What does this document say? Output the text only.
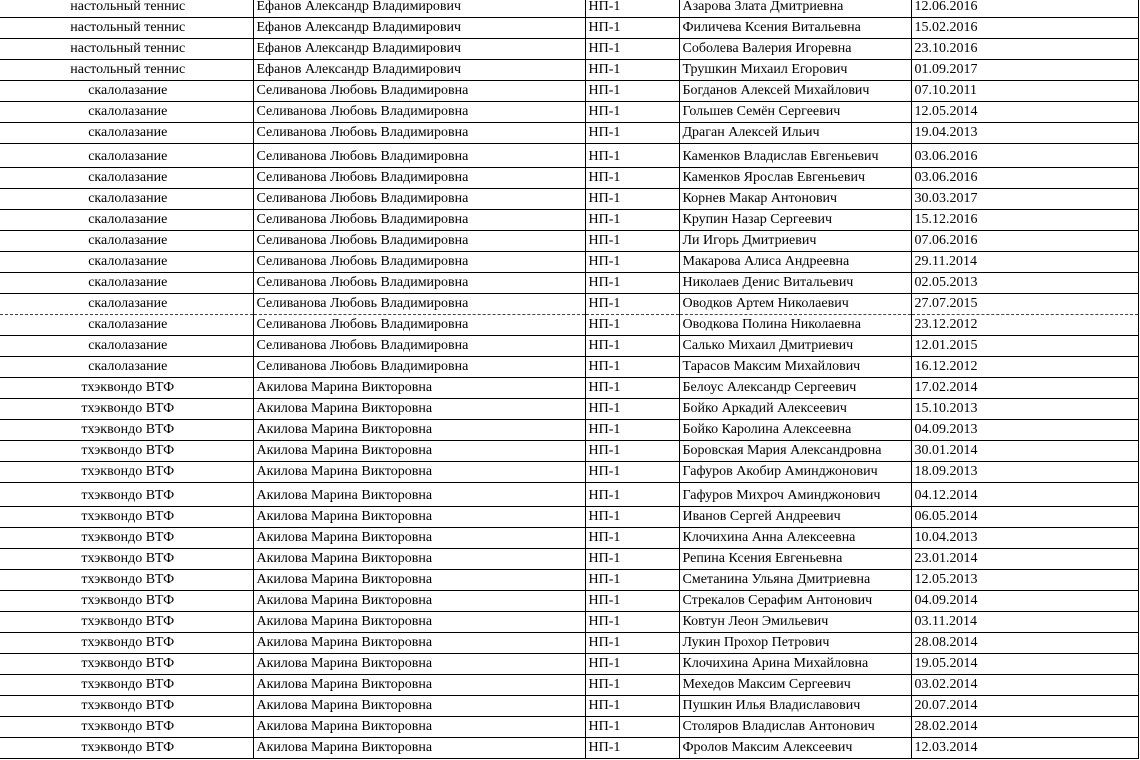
настольный теннис	Ефанов Александр Владимирович	НП-1	Азарова Злата Дмитриевна	12.06.2016
настольный теннис	Ефанов Александр Владимирович	НП-1	Филичева Ксения Витальевна	15.02.2016
настольный теннис	Ефанов Александр Владимирович	НП-1	Соболева Валерия Игоревна	23.10.2016
настольный теннис	Ефанов Александр Владимирович	НП-1	Трушкин Михаил Егорович	01.09.2017
скалолазание	Селиванова Любовь Владимировна	НП-1	Богданов Алексей Михайлович	07.10.2011
скалолазание	Селиванова Любовь Владимировна	НП-1	Гольшев Семён Сергеевич	12.05.2014
скалолазание	Селиванова Любовь Владимировна	НП-1	Драган Алексей Ильич	19.04.2013
скалолазание	Селиванова Любовь Владимировна	НП-1	Каменков Владислав Евгеньевич	03.06.2016
скалолазание	Селиванова Любовь Владимировна	НП-1	Каменков Ярослав Евгеньевич	03.06.2016
скалолазание	Селиванова Любовь Владимировна	НП-1	Корнев Макар Антонович	30.03.2017
скалолазание	Селиванова Любовь Владимировна	НП-1	Крупин Назар Сергеевич	15.12.2016
скалолазание	Селиванова Любовь Владимировна	НП-1	Ли Игорь Дмитриевич	07.06.2016
скалолазание	Селиванова Любовь Владимировна	НП-1	Макарова Алиса Андреевна	29.11.2014
скалолазание	Селиванова Любовь Владимировна	НП-1	Николаев Денис Витальевич	02.05.2013
скалолазание	Селиванова Любовь Владимировна	НП-1	Оводков Артем Николаевич	27.07.2015
скалолазание	Селиванова Любовь Владимировна	НП-1	Оводкова Полина Николаевна	23.12.2012
скалолазание	Селиванова Любовь Владимировна	НП-1	Салько Михаил Дмитриевич	12.01.2015
скалолазание	Селиванова Любовь Владимировна	НП-1	Тарасов Максим Михайлович	16.12.2012
тхэквондо ВТФ	Акилова Марина Викторовна	НП-1	Белоус Александр Сергеевич	17.02.2014
тхэквондо ВТФ	Акилова Марина Викторовна	НП-1	Бойко Аркадий Алексеевич	15.10.2013
тхэквондо ВТФ	Акилова Марина Викторовна	НП-1	Бойко Каролина Алексеевна	04.09.2013
тхэквондо ВТФ	Акилова Марина Викторовна	НП-1	Боровская Мария Александровна	30.01.2014
тхэквондо ВТФ	Акилова Марина Викторовна	НП-1	Гафуров Акобир Аминджонович	18.09.2013
тхэквондо ВТФ	Акилова Марина Викторовна	НП-1	Гафуров Михроч Аминджонович	04.12.2014
тхэквондо ВТФ	Акилова Марина Викторовна	НП-1	Иванов Сергей Андреевич	06.05.2014
тхэквондо ВТФ	Акилова Марина Викторовна	НП-1	Клочихина Анна Алексеевна	10.04.2013
тхэквондо ВТФ	Акилова Марина Викторовна	НП-1	Репина Ксения Евгеньевна	23.01.2014
тхэквондо ВТФ	Акилова Марина Викторовна	НП-1	Сметанина Ульяна Дмитриевна	12.05.2013
тхэквондо ВТФ	Акилова Марина Викторовна	НП-1	Стрекалов Серафим Антонович	04.09.2014
тхэквондо ВТФ	Акилова Марина Викторовна	НП-1	Ковтун Леон Эмильевич	03.11.2014
тхэквондо ВТФ	Акилова Марина Викторовна	НП-1	Лукин Прохор Петрович	28.08.2014
тхэквондо ВТФ	Акилова Марина Викторовна	НП-1	Клочихина Арина Михайловна	19.05.2014
тхэквондо ВТФ	Акилова Марина Викторовна	НП-1	Мехедов Максим Сергеевич	03.02.2014
тхэквондо ВТФ	Акилова Марина Викторовна	НП-1	Пушкин Илья Владиславович	20.07.2014
тхэквондо ВТФ	Акилова Марина Викторовна	НП-1	Столяров Владислав Антонович	28.02.2014
тхэквондо ВТФ	Акилова Марина Викторовна	НП-1	Фролов Максим Алексеевич	12.03.2014
